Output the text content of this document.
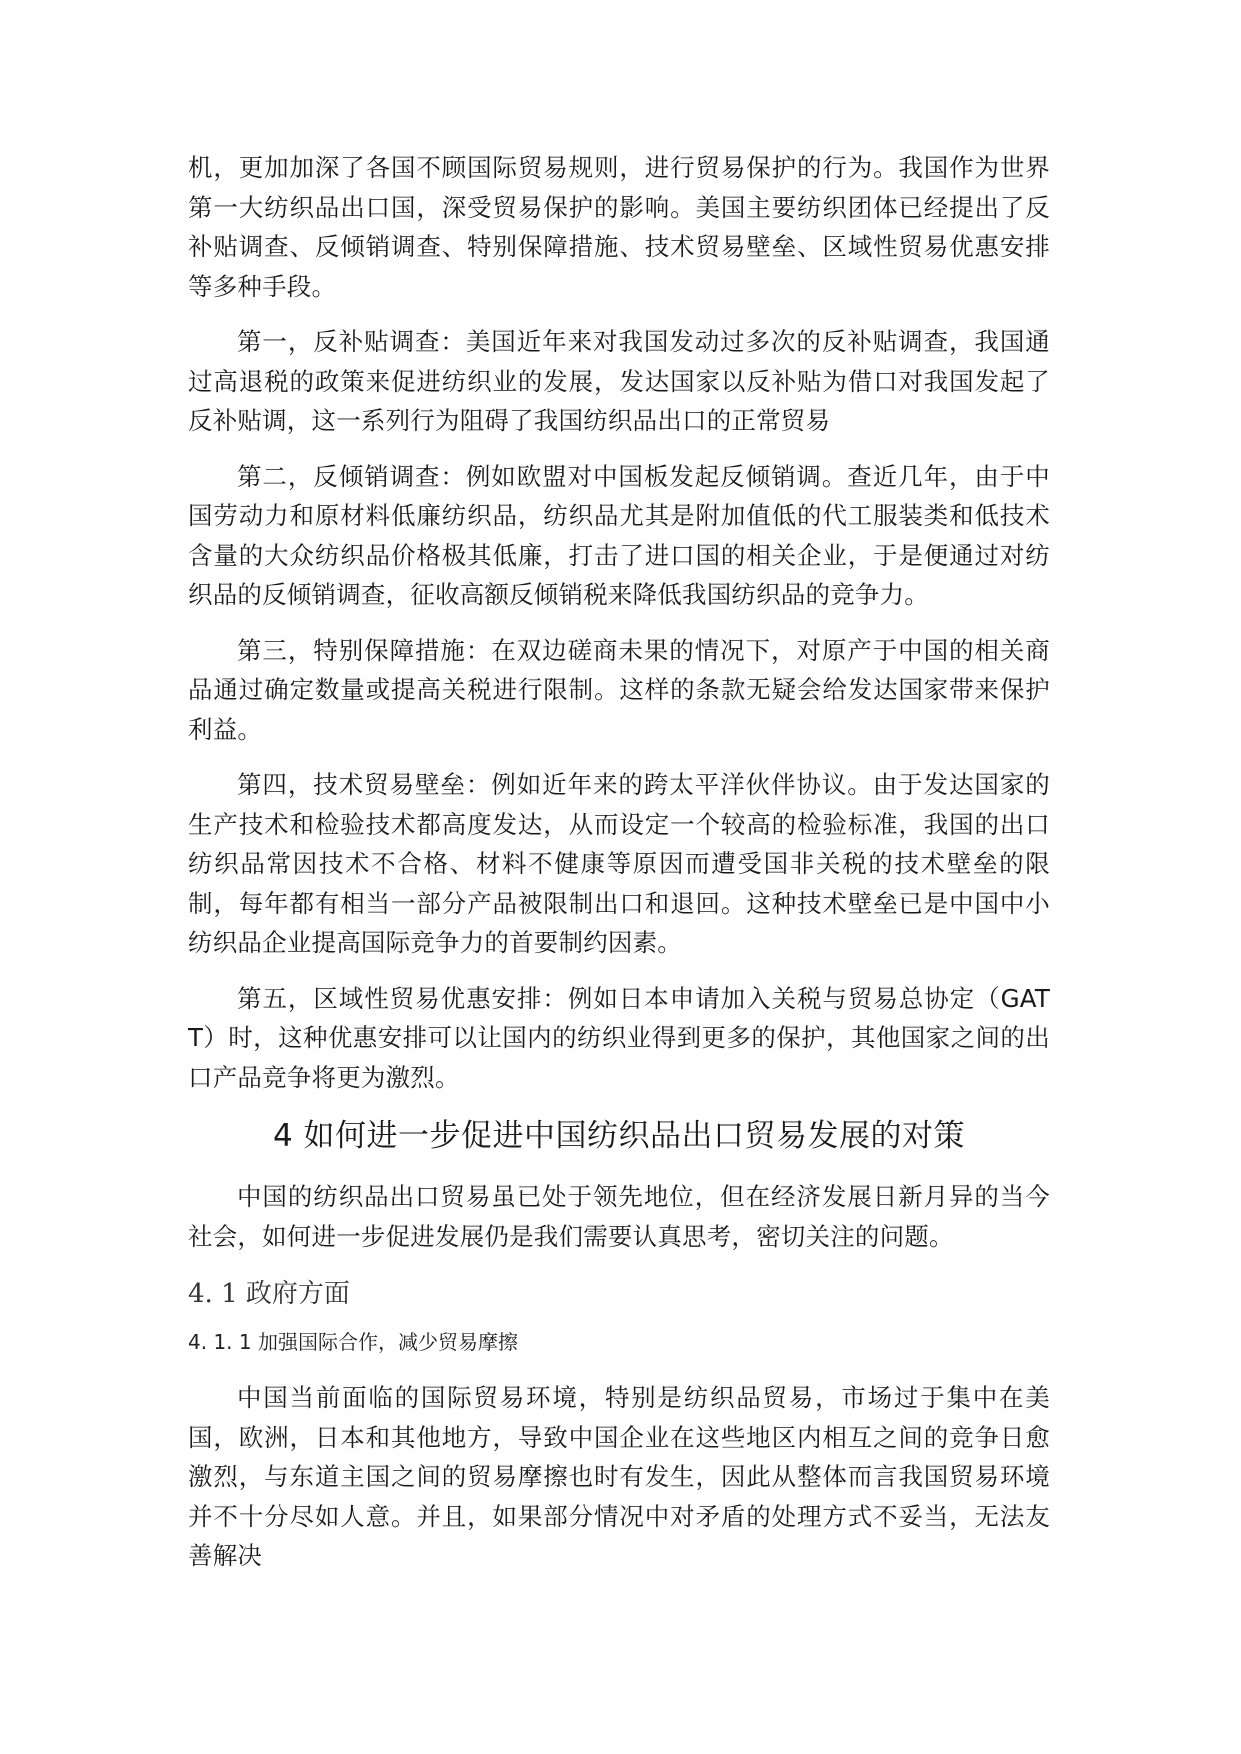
机，更加加深了各国不顾国际贸易规则，进行贸易保护的行为。我国作为世界第一大纺织品出口国，深受贸易保护的影响。美国主要纺织团体已经提出了反补贴调查、反倾销调查、特别保障措施、技术贸易壁垒、区域性贸易优惠安排等多种手段。

第一，反补贴调查：美国近年来对我国发动过多次的反补贴调查，我国通过高退税的政策来促进纺织业的发展，发达国家以反补贴为借口对我国发起了反补贴调，这一系列行为阻碍了我国纺织品出口的正常贸易

第二，反倾销调查：例如欧盟对中国板发起反倾销调。查近几年，由于中国劳动力和原材料低廉纺织品，纺织品尤其是附加值低的代工服装类和低技术含量的大众纺织品价格极其低廉，打击了进口国的相关企业，于是便通过对纺织品的反倾销调查，征收高额反倾销税来降低我国纺织品的竞争力。

第三，特别保障措施：在双边磋商未果的情况下，对原产于中国的相关商品通过确定数量或提高关税进行限制。这样的条款无疑会给发达国家带来保护利益。

第四，技术贸易壁垒：例如近年来的跨太平洋伙伴协议。由于发达国家的生产技术和检验技术都高度发达，从而设定一个较高的检验标准，我国的出口纺织品常因技术不合格、材料不健康等原因而遭受国非关税的技术壁垒的限制，每年都有相当一部分产品被限制出口和退回。这种技术壁垒已是中国中小纺织品企业提高国际竞争力的首要制约因素。

第五，区域性贸易优惠安排：例如日本申请加入关税与贸易总协定（GATT）时，这种优惠安排可以让国内的纺织业得到更多的保护，其他国家之间的出口产品竞争将更为激烈。

4 如何进一步促进中国纺织品出口贸易发展的对策

中国的纺织品出口贸易虽已处于领先地位，但在经济发展日新月异的当今社会，如何进一步促进发展仍是我们需要认真思考，密切关注的问题。

4. 1 政府方面
4. 1. 1 加强国际合作，减少贸易摩擦

中国当前面临的国际贸易环境，特别是纺织品贸易，市场过于集中在美国，欧洲，日本和其他地方，导致中国企业在这些地区内相互之间的竞争日愈激烈，与东道主国之间的贸易摩擦也时有发生，因此从整体而言我国贸易环境并不十分尽如人意。并且，如果部分情况中对矛盾的处理方式不妥当，无法友善解决
